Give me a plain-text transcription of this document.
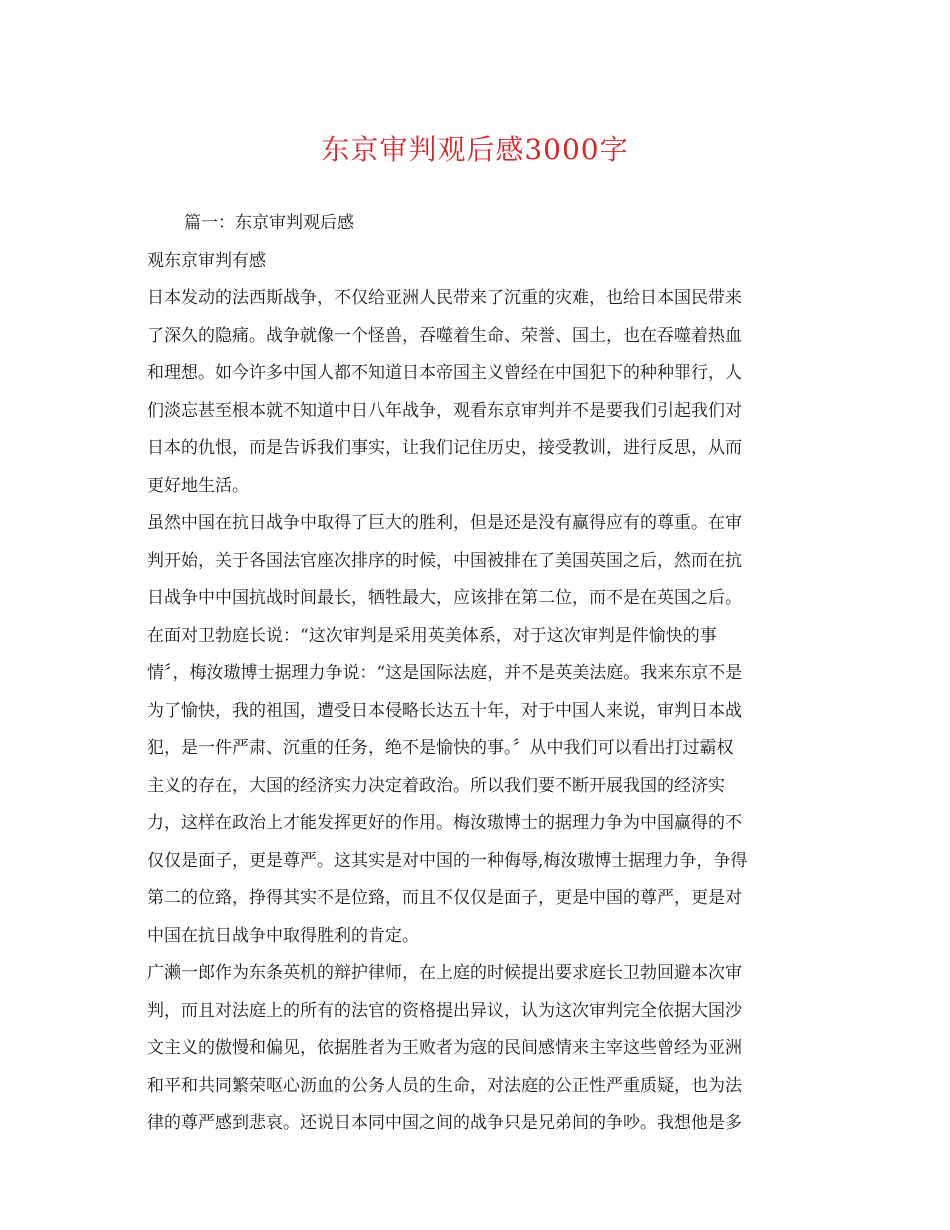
东京审判观后感3000字
篇一：东京审判观后感
观东京审判有感
日本发动的法西斯战争，不仅给亚洲人民带来了沉重的灾难，也给日本国民带来
了深久的隐痛。战争就像一个怪兽，吞噬着生命、荣誉、国土，也在吞噬着热血
和理想。如今许多中国人都不知道日本帝国主义曾经在中国犯下的种种罪行，人
们淡忘甚至根本就不知道中日八年战争，观看东京审判并不是要我们引起我们对
日本的仇恨，而是告诉我们事实，让我们记住历史，接受教训，进行反思，从而
更好地生活。
虽然中国在抗日战争中取得了巨大的胜利，但是还是没有赢得应有的尊重。在审
判开始，关于各国法官座次排序的时候，中国被排在了美国英国之后，然而在抗
日战争中中国抗战时间最长，牺牲最大，应该排在第二位，而不是在英国之后。
在面对卫勃庭长说：“这次审判是采用英美体系，对于这次审判是件愉快的事
情〞，梅汝璈博士据理力争说：“这是国际法庭，并不是英美法庭。我来东京不是
为了愉快，我的祖国，遭受日本侵略长达五十年，对于中国人来说，审判日本战
犯，是一件严肃、沉重的任务，绝不是愉快的事。〞从中我们可以看出打过霸权
主义的存在，大国的经济实力决定着政治。所以我们要不断开展我国的经济实
力，这样在政治上才能发挥更好的作用。梅汝璈博士的据理力争为中国赢得的不
仅仅是面子，更是尊严。这其实是对中国的一种侮辱,梅汝璈博士据理力争，争得
第二的位臵，挣得其实不是位臵，而且不仅仅是面子，更是中国的尊严，更是对
中国在抗日战争中取得胜利的肯定。
广濑一郎作为东条英机的辩护律师，在上庭的时候提出要求庭长卫勃回避本次审
判，而且对法庭上的所有的法官的资格提出异议，认为这次审判完全依据大国沙
文主义的傲慢和偏见，依据胜者为王败者为寇的民间感情来主宰这些曾经为亚洲
和平和共同繁荣呕心沥血的公务人员的生命，对法庭的公正性严重质疑，也为法
律的尊严感到悲哀。还说日本同中国之间的战争只是兄弟间的争吵。我想他是多
